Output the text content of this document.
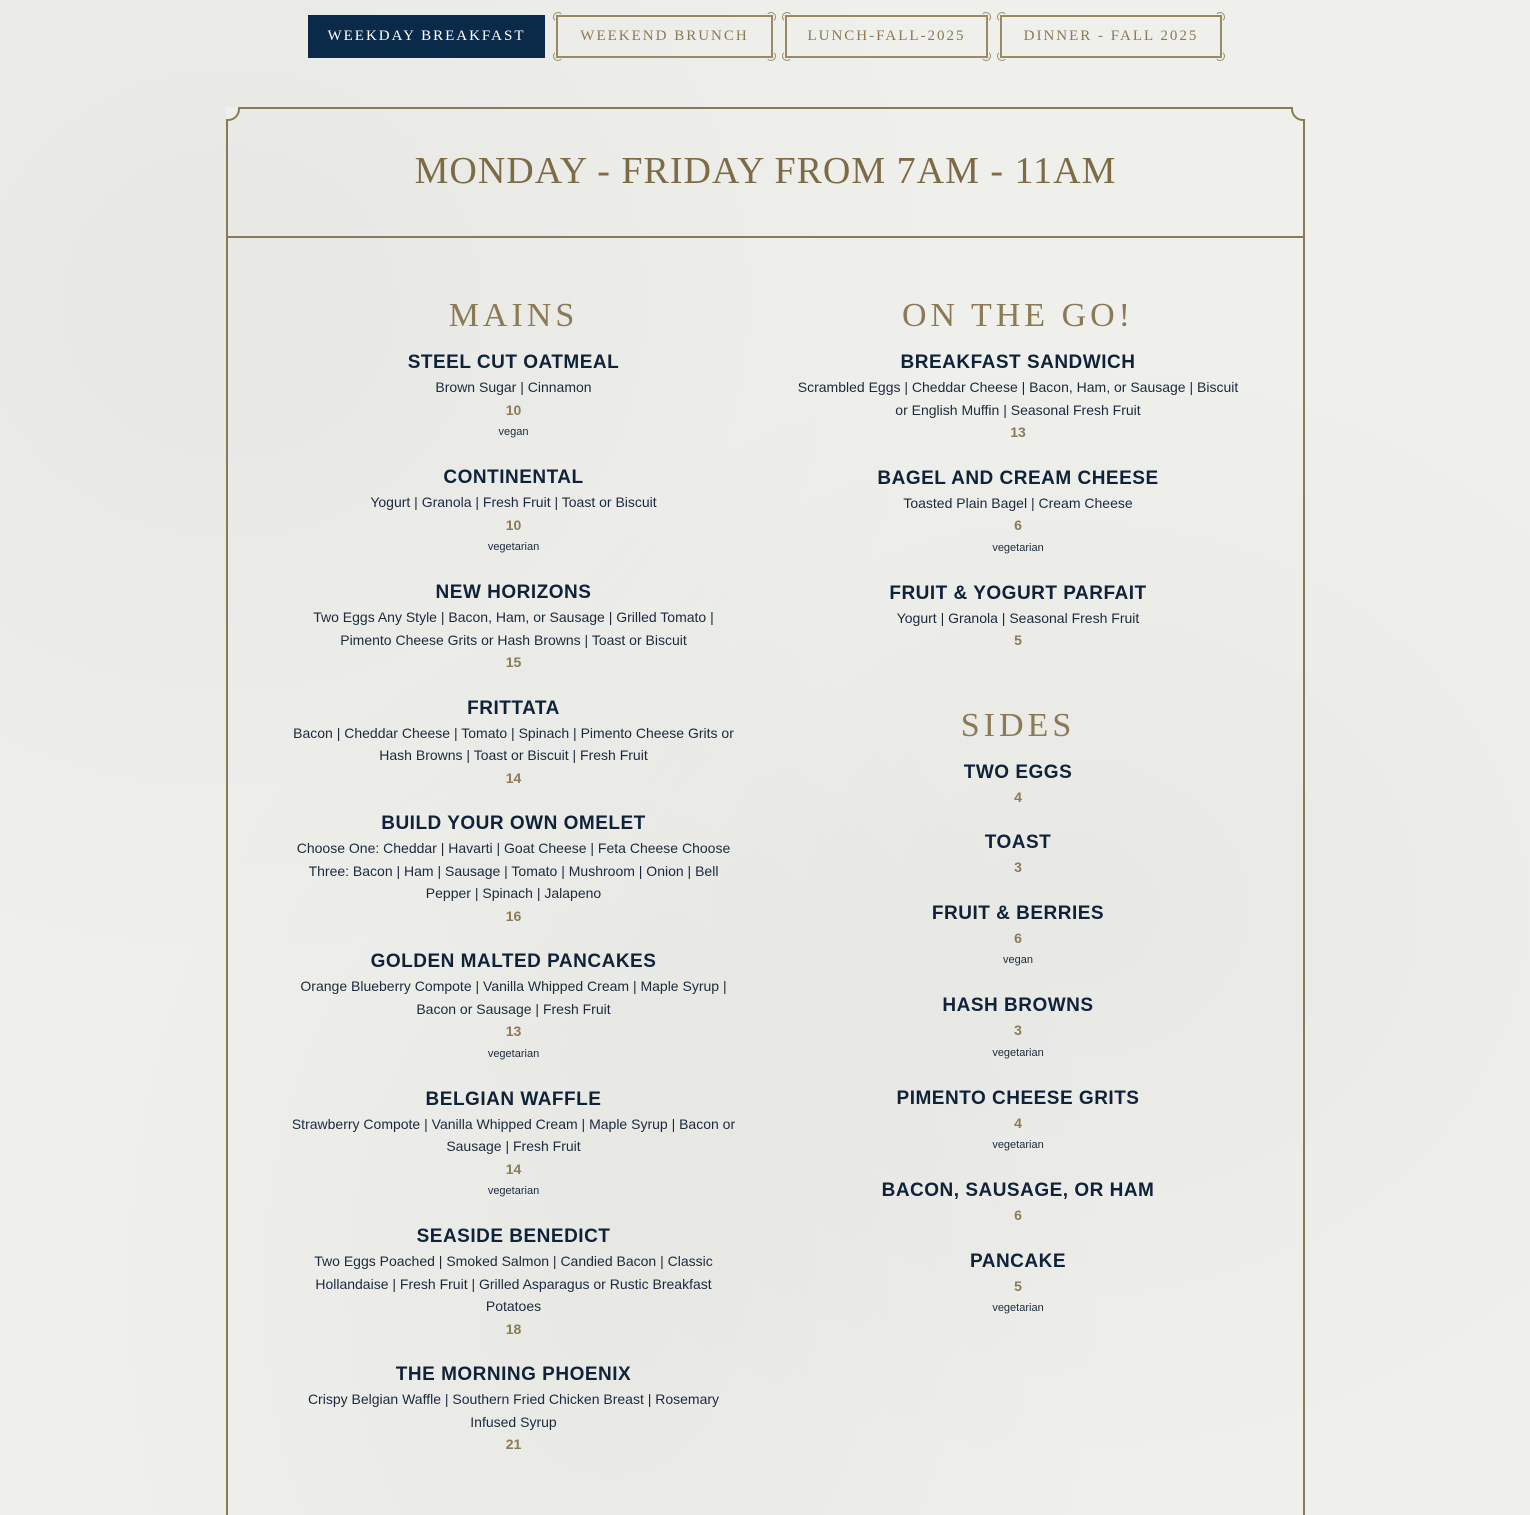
WEEKDAY BREAKFAST	WEEKEND BRUNCH	LUNCH-FALL-2025	DINNER - FALL 2025
MONDAY - FRIDAY FROM 7AM - 11AM
MAINS
STEEL CUT OATMEAL
Brown Sugar | Cinnamon
10
vegan
CONTINENTAL
Yogurt | Granola | Fresh Fruit | Toast or Biscuit
10
vegetarian
NEW HORIZONS
Two Eggs Any Style | Bacon, Ham, or Sausage | Grilled Tomato | Pimento Cheese Grits or Hash Browns | Toast or Biscuit
15
FRITTATA
Bacon | Cheddar Cheese | Tomato | Spinach | Pimento Cheese Grits or Hash Browns | Toast or Biscuit | Fresh Fruit
14
BUILD YOUR OWN OMELET
Choose One: Cheddar | Havarti | Goat Cheese | Feta Cheese Choose Three: Bacon | Ham | Sausage | Tomato | Mushroom | Onion | Bell Pepper | Spinach | Jalapeno
16
GOLDEN MALTED PANCAKES
Orange Blueberry Compote | Vanilla Whipped Cream | Maple Syrup | Bacon or Sausage | Fresh Fruit
13
vegetarian
BELGIAN WAFFLE
Strawberry Compote | Vanilla Whipped Cream | Maple Syrup | Bacon or Sausage | Fresh Fruit
14
vegetarian
SEASIDE BENEDICT
Two Eggs Poached | Smoked Salmon | Candied Bacon | Classic Hollandaise | Fresh Fruit | Grilled Asparagus or Rustic Breakfast Potatoes
18
THE MORNING PHOENIX
Crispy Belgian Waffle | Southern Fried Chicken Breast | Rosemary Infused Syrup
21
ON THE GO!
BREAKFAST SANDWICH
Scrambled Eggs | Cheddar Cheese | Bacon, Ham, or Sausage | Biscuit or English Muffin | Seasonal Fresh Fruit
13
BAGEL AND CREAM CHEESE
Toasted Plain Bagel | Cream Cheese
6
vegetarian
FRUIT & YOGURT PARFAIT
Yogurt | Granola | Seasonal Fresh Fruit
5
SIDES
TWO EGGS
4
TOAST
3
FRUIT & BERRIES
6
vegan
HASH BROWNS
3
vegetarian
PIMENTO CHEESE GRITS
4
vegetarian
BACON, SAUSAGE, OR HAM
6
PANCAKE
5
vegetarian
